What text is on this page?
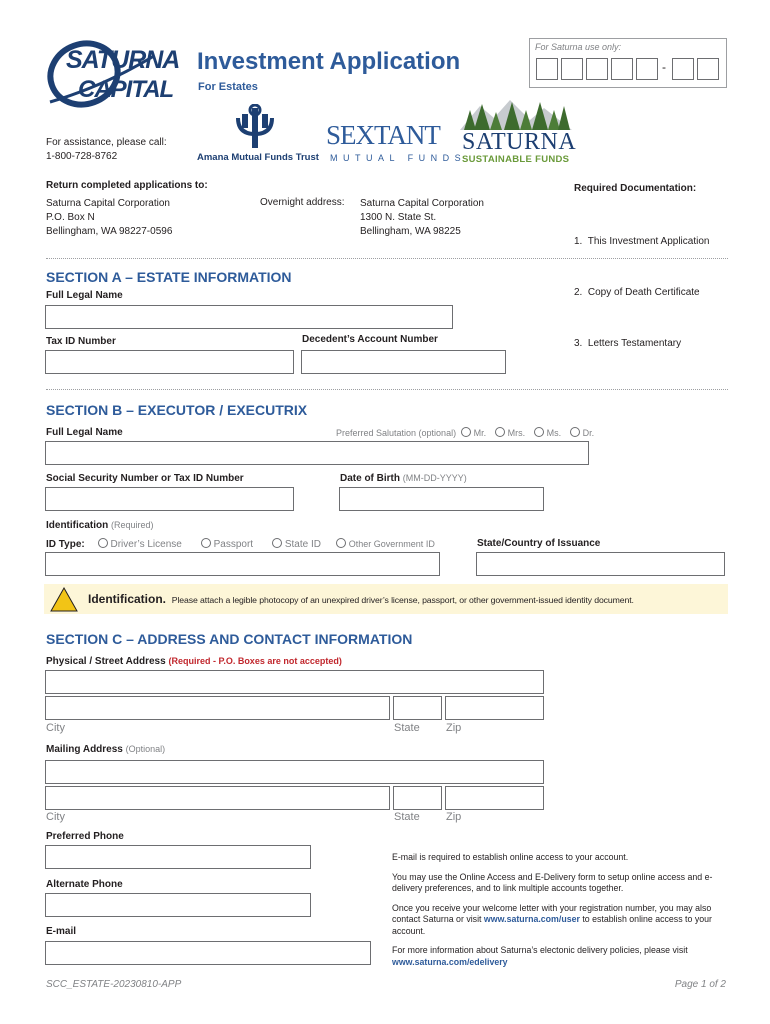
SATURNA
CAPITAL
Investment Application
For Estates
For Saturna use only:
-
For assistance, please call:
1-800-728-8762	Amana Mutual Funds Trust
SEXTANT
MUTUAL FUNDS
SATURNA
SUSTAINABLE FUNDS
Return completed applications to:
Saturna Capital Corporation
P.O. Box N
Bellingham, WA 98227-0596
Overnight address: Saturna Capital Corporation
1300 N. State St.
Bellingham, WA 98225
Required Documentation:

1.  This Investment Application

2.  Copy of Death Certificate

3.  Letters Testamentary

SECTION A – ESTATE INFORMATION
Full Legal Name
Tax ID Number	Decedent’s Account Number
SECTION B – EXECUTOR / EXECUTRIX
Full Legal Name	Preferred Salutation (optional) Mr. Mrs. Ms. Dr.
Social Security Number or Tax ID Number	Date of Birth (MM-DD-YYYY)
Identification (Required)
ID Type:	Driver’s License	Passport	State ID	Other Government ID	State/Country of Issuance
Identification. Please attach a legible photocopy of an unexpired driver’s license, passport, or other government-issued identity document.
SECTION C – ADDRESS AND CONTACT INFORMATION
Physical / Street Address (Required - P.O. Boxes are not accepted)
City	State Zip
Mailing Address (Optional)
City	State Zip
Preferred Phone
Alternate Phone
E-mail
E-mail is required to establish online access to your account.
You may use the Online Access and E-Delivery form to setup online access and e-delivery preferences, and to link multiple accounts together.
Once you receive your welcome letter with your registration number, you may also contact Saturna or visit www.saturna.com/user to establish online access to your account.
For more information about Saturna’s electonic delivery policies, please visit
www.saturna.com/edelivery
SCC_ESTATE-20230810-APP	Page 1 of 2
